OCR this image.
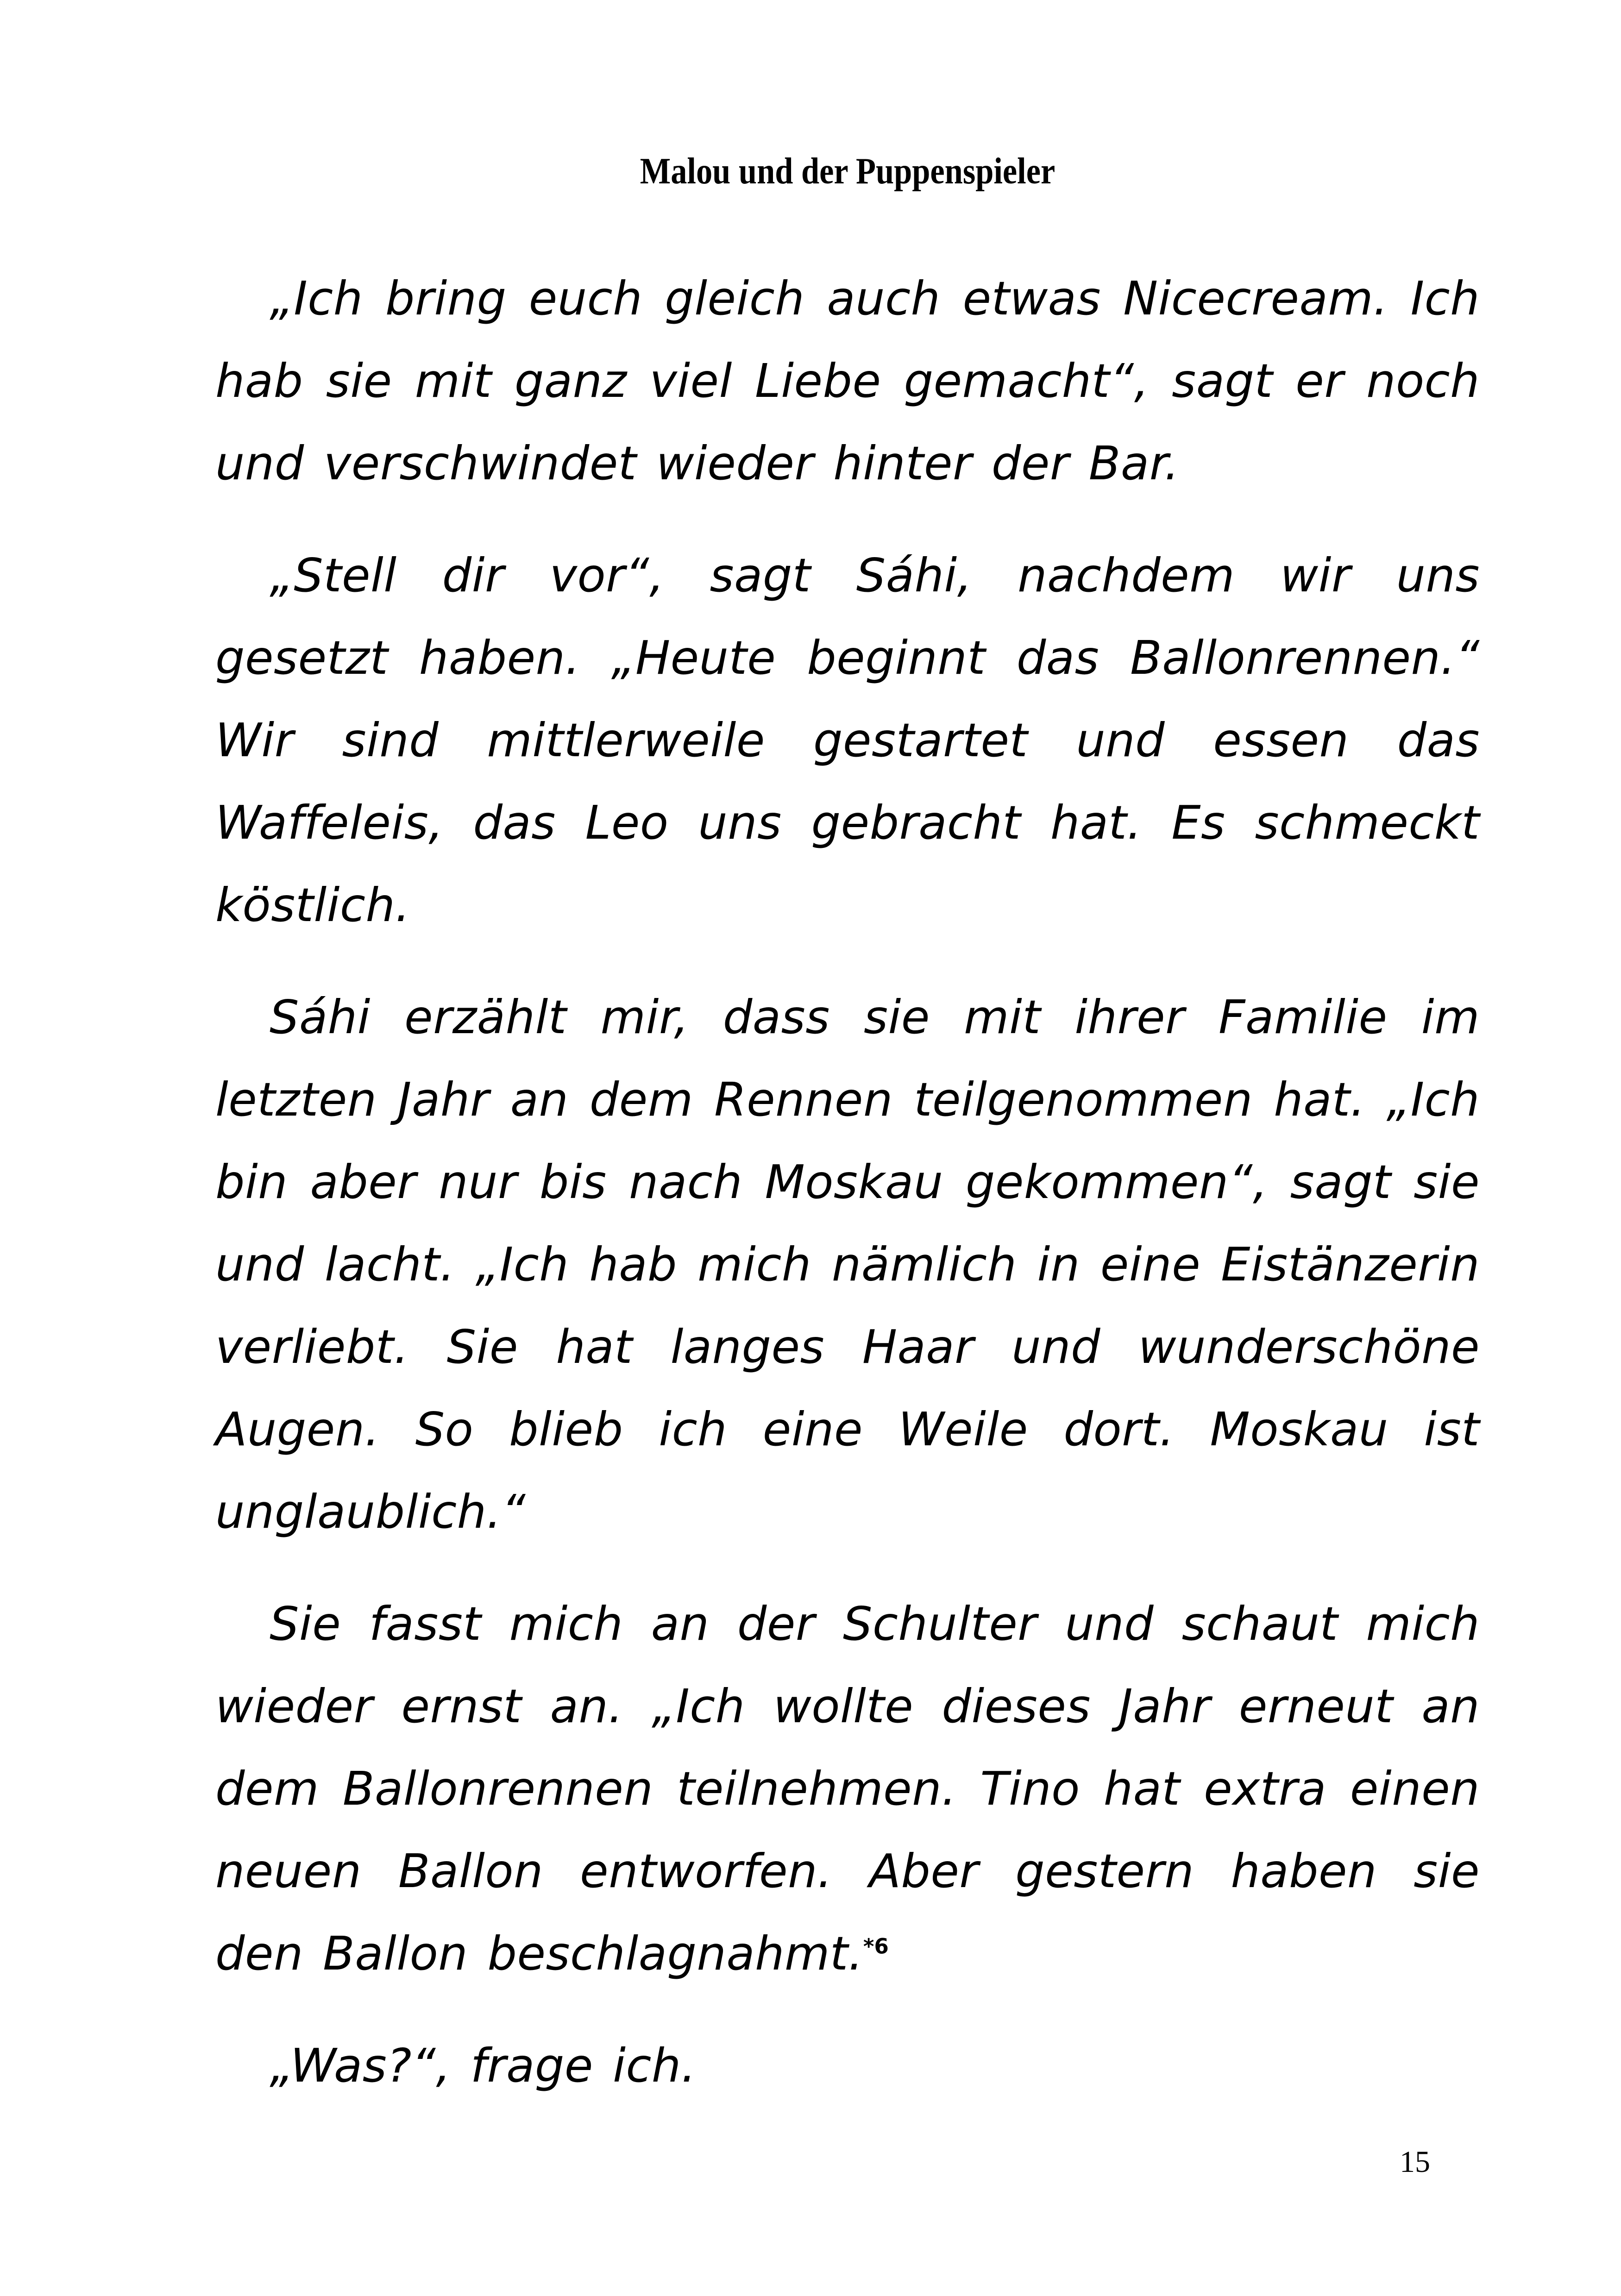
Malou und der Puppenspieler

„Ich bring euch gleich auch etwas Nicecream. Ich hab sie mit ganz viel Liebe gemacht“, sagt er noch und verschwindet wieder hinter der Bar.

„Stell dir vor“, sagt Sáhi, nachdem wir uns gesetzt haben. „Heute beginnt das Ballonrennen.“ Wir sind mittlerweile gestartet und essen das Waffeleis, das Leo uns gebracht hat. Es schmeckt köstlich.

Sáhi erzählt mir, dass sie mit ihrer Familie im letzten Jahr an dem Rennen teilgenommen hat. „Ich bin aber nur bis nach Moskau gekommen“, sagt sie und lacht. „Ich hab mich nämlich in eine Eistänzerin verliebt. Sie hat langes Haar und wunderschöne Augen. So blieb ich eine Weile dort. Moskau ist unglaublich.“

Sie fasst mich an der Schulter und schaut mich wieder ernst an. „Ich wollte dieses Jahr erneut an dem Ballonrennen teilnehmen. Tino hat extra einen neuen Ballon entworfen. Aber gestern haben sie den Ballon beschlagnahmt.$^{*6}$

„Was?“, frage ich.

15
